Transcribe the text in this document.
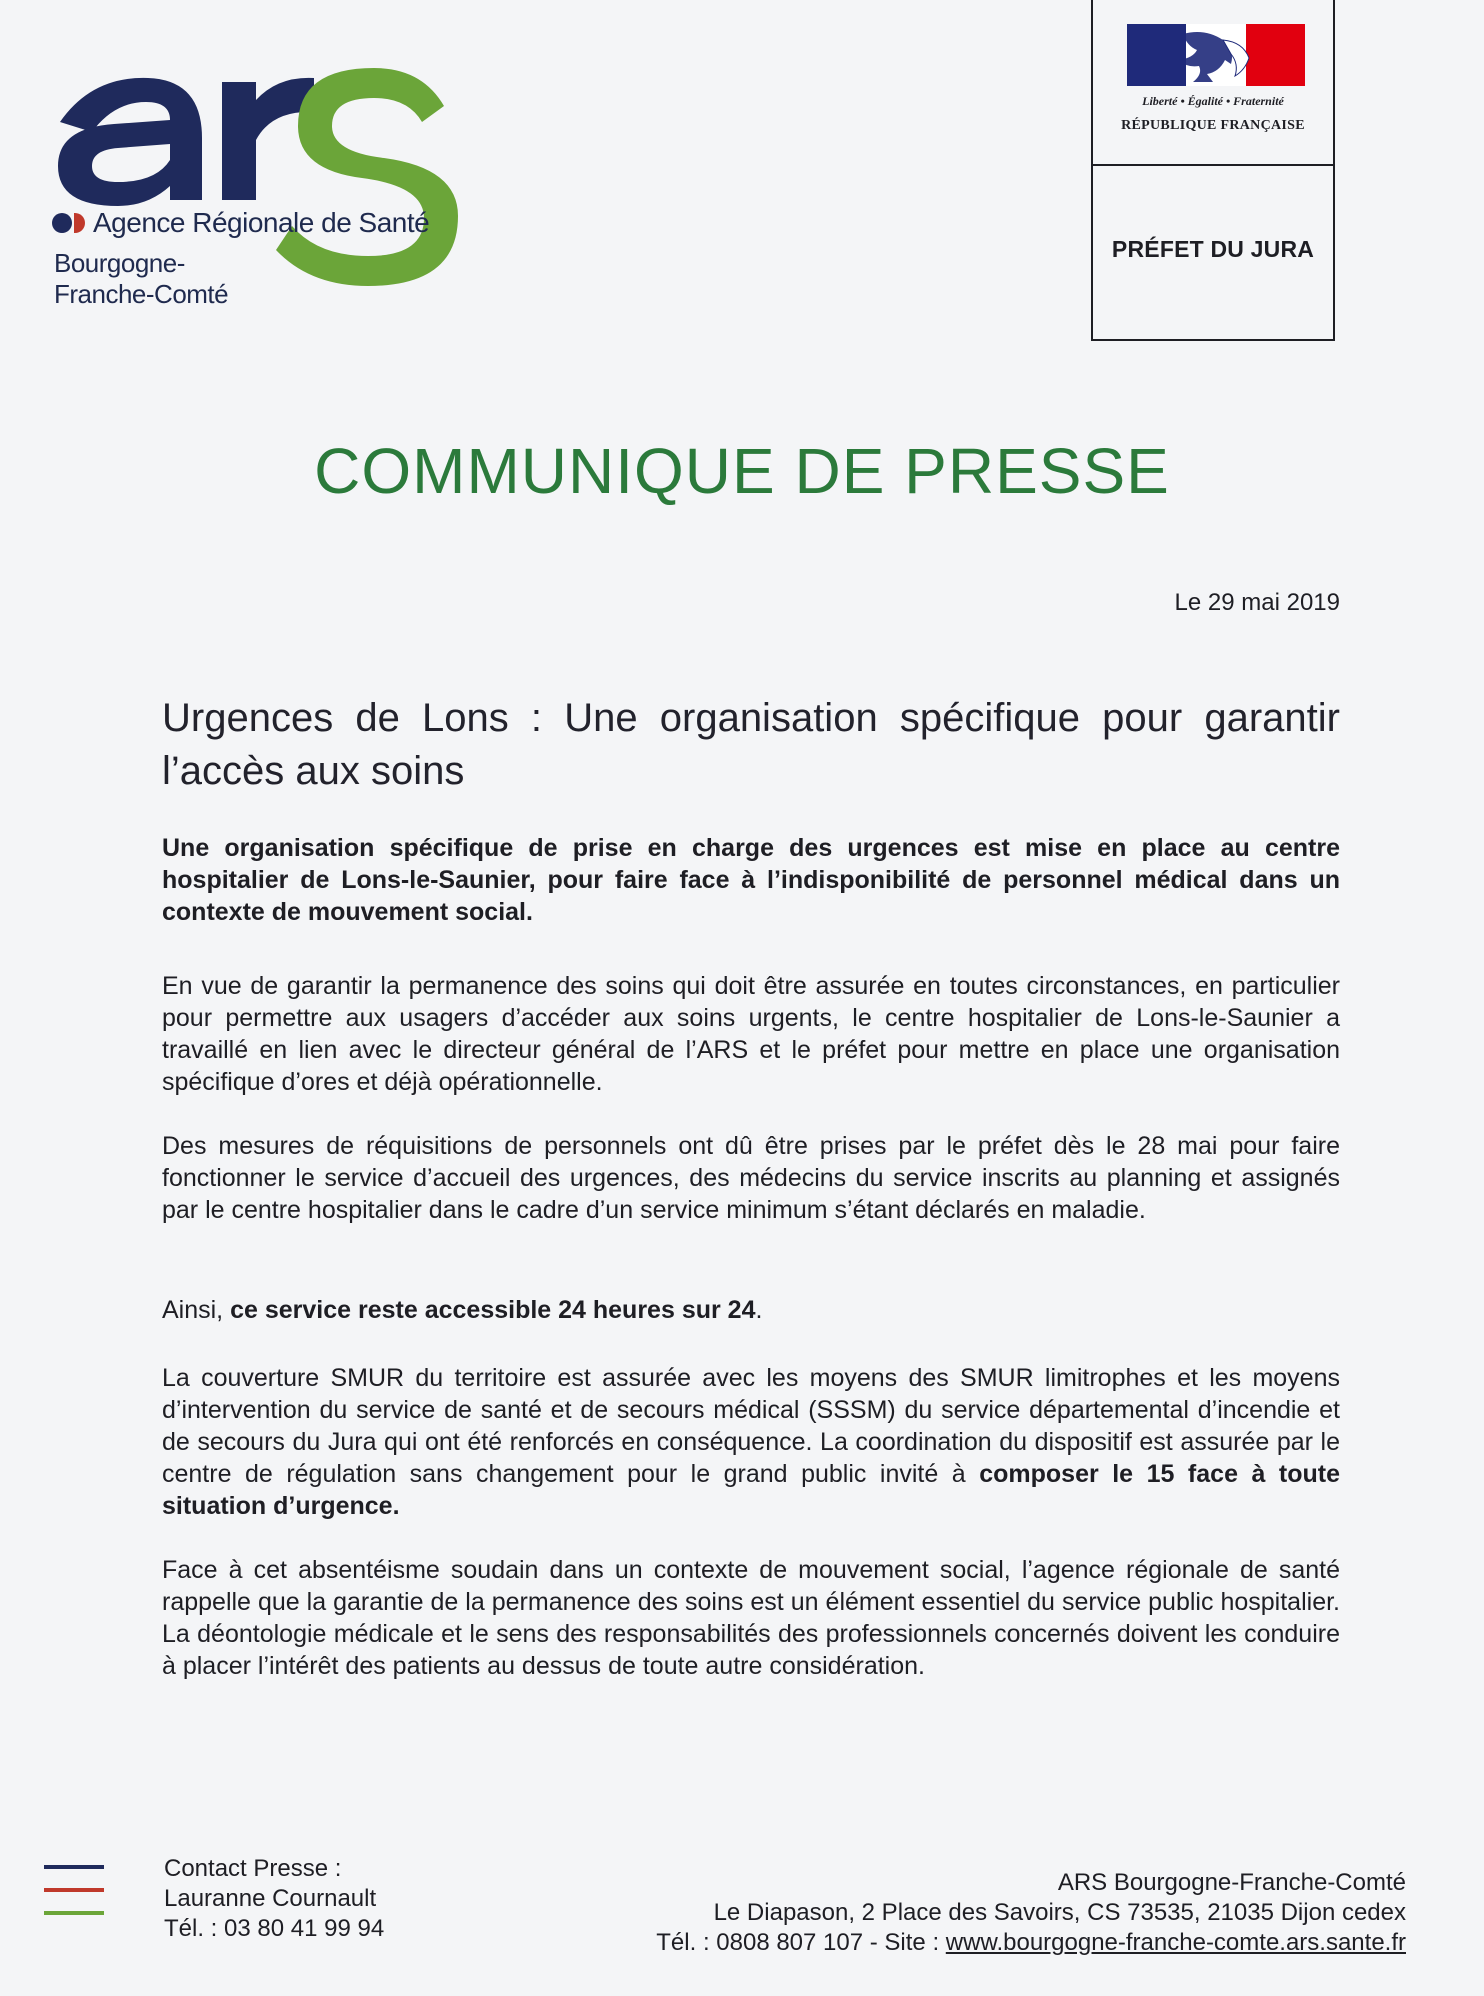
Agence Régionale de Santé
Bourgogne-
Franche-Comté
Liberté • Égalité • Fraternité
RÉPUBLIQUE FRANÇAISE
PRÉFET DU JURA
COMMUNIQUE DE PRESSE
Le 29 mai 2019
Urgences de Lons : Une organisation spécifique pour garantir l’accès aux soins
Une organisation spécifique de prise en charge des urgences est mise en place au centre hospitalier de Lons-le-Saunier, pour faire face à l’indisponibilité de personnel médical dans un contexte de mouvement social.
En vue de garantir la permanence des soins qui doit être assurée en toutes circonstances, en particulier pour permettre aux usagers d’accéder aux soins urgents, le centre hospitalier de Lons-le-Saunier a travaillé en lien avec le directeur général de l’ARS et le préfet pour mettre en place une organisation spécifique d’ores et déjà opérationnelle.
Des mesures de réquisitions de personnels ont dû être prises par le préfet dès le 28 mai pour faire fonctionner le service d’accueil des urgences, des médecins du service inscrits au planning et assignés par le centre hospitalier dans le cadre d’un service minimum s’étant déclarés en maladie.
Ainsi, ce service reste accessible 24 heures sur 24.
La couverture SMUR du territoire est assurée avec les moyens des SMUR limitrophes et les moyens d’intervention du service de santé et de secours médical (SSSM) du service départemental d’incendie et de secours du Jura qui ont été renforcés en conséquence. La coordination du dispositif est assurée par le centre de régulation sans changement pour le grand public invité à composer le 15 face à toute situation d’urgence.
Face à cet absentéisme soudain dans un contexte de mouvement social, l’agence régionale de santé rappelle que la garantie de la permanence des soins est un élément essentiel du service public hospitalier. La déontologie médicale et le sens des responsabilités des professionnels concernés doivent les conduire à placer l’intérêt des patients au dessus de toute autre considération.
Contact Presse :
Lauranne Cournault
Tél. : 03 80 41 99 94
ARS Bourgogne-Franche-Comté
Le Diapason, 2 Place des Savoirs, CS 73535, 21035 Dijon cedex
Tél. : 0808 807 107 - Site : www.bourgogne-franche-comte.ars.sante.fr
